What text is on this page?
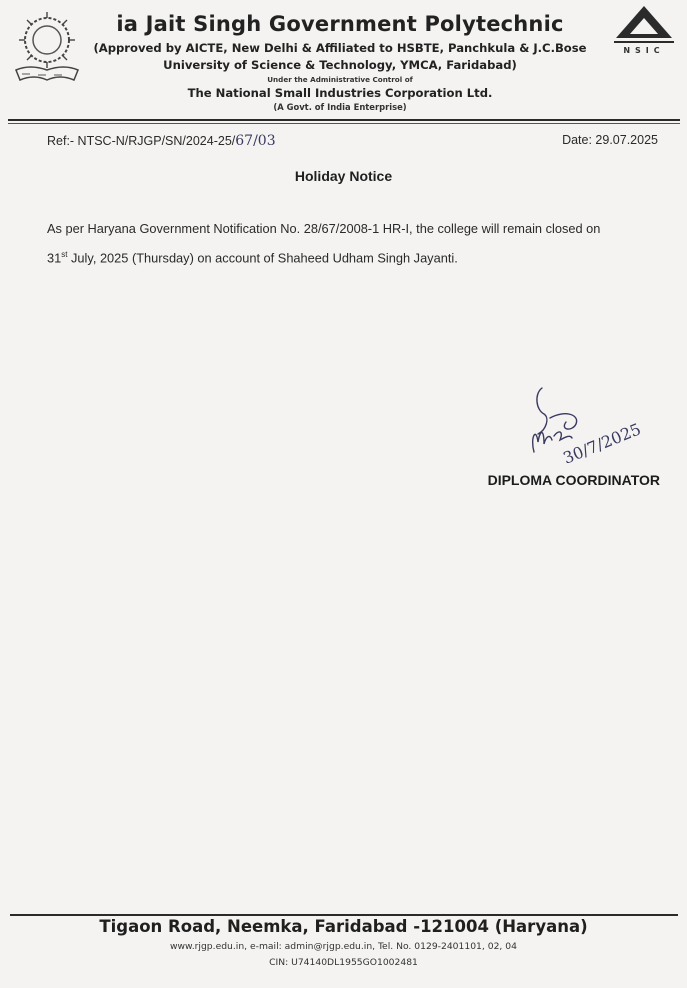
ia Jait Singh Government Polytechnic
(Approved by AICTE, New Delhi & Affiliated to HSBTE, Panchkula & J.C.Bose
University of Science & Technology, YMCA, Faridabad)
Under the Administrative Control of
The National Small Industries Corporation Ltd.
(A Govt. of India Enterprise)
NSIC
Ref:- NTSC-N/RJGP/SN/2024-25/67/03	Date: 29.07.2025
Holiday Notice
As per Haryana Government Notification No. 28/67/2008-1 HR-I, the college will remain closed on
31st July, 2025 (Thursday) on account of Shaheed Udham Singh Jayanti.
30/7/2025
DIPLOMA COORDINATOR
Tigaon Road, Neemka, Faridabad -121004 (Haryana)
www.rjgp.edu.in, e-mail: admin@rjgp.edu.in, Tel. No. 0129-2401101, 02, 04
CIN: U74140DL1955GO1002481
